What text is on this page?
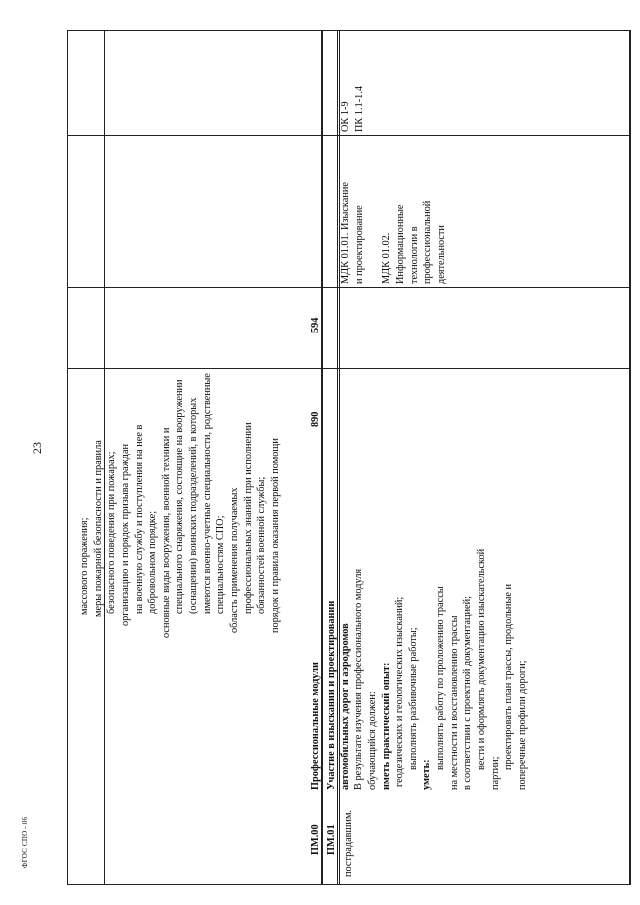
23
ФГОС СПО - 06	пострадавшим.
массового поражения; меры пожарной безопасности и правила безопасного поведения при пожарах; организацию и порядок призыва граждан на военную службу и поступления на нее в добровольном порядке; основные виды вооружения, военной техники и специального снаряжения, состоящие на вооружении (оснащении) воинских подразделений, в которых имеются военно-учетные специальности, родственные специальностям СПО; область применения получаемых профессиональных знаний при исполнении обязанностей военной службы; порядок и правила оказания первой помощи
ПМ.00
Профессиональные модули
890
594
ПМ.01
Участие в изыскании и проектировании автомобильных дорог и аэродромов В результате изучения профессионального модуля обучающийся должен: иметь практический опыт: геодезических и геологических изысканий; выполнять разбивочные работы;
уметь:
выполнять работу по проложению трассы на местности и восстановлению трассы в соответствии с проектной документацией; вести и оформлять документацию изыскательской
партии;
проектировать план трассы, продольные и поперечные профили дороги;
МДК 01.01. Изыскание и проектирование МДК 01.02. Информационные технологии в профессиональной деятельности
ОК 1-9 ПК 1.1-1.4
